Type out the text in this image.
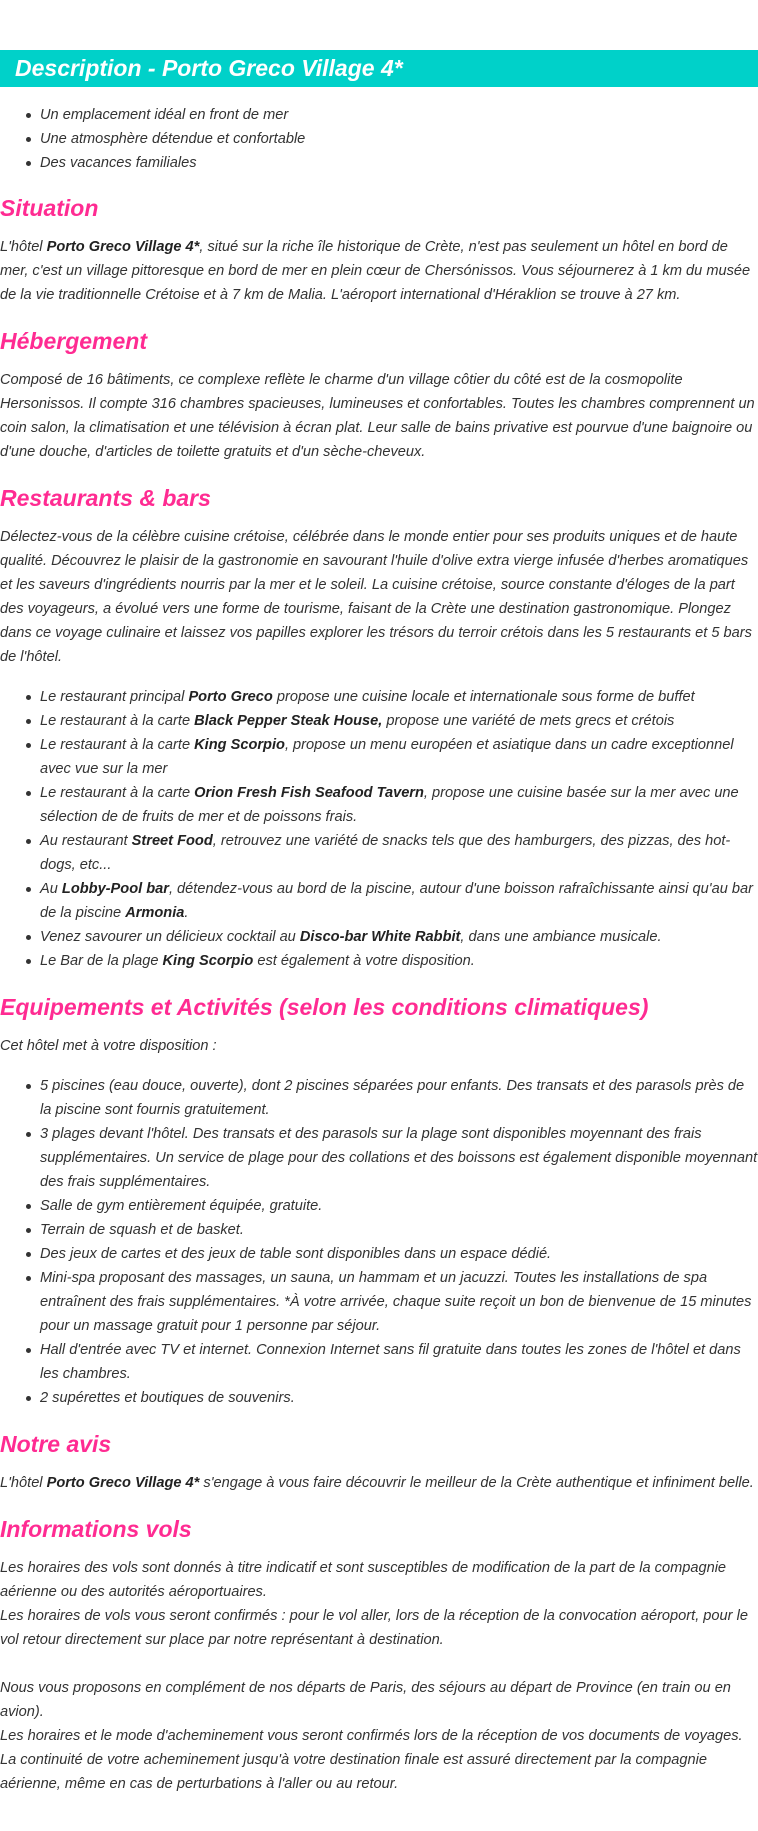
Description - Porto Greco Village 4*
Un emplacement idéal en front de mer
Une atmosphère détendue et confortable
Des vacances familiales
Situation

L'hôtel Porto Greco Village 4*, situé sur la riche île historique de Crète, n'est pas seulement un hôtel en bord de mer, c'est un village pittoresque en bord de mer en plein cœur de Chersónissos. Vous séjournerez à 1 km du musée de la vie traditionnelle Crétoise et à 7 km de Malia. L'aéroport international d'Héraklion se trouve à 27 km.

Hébergement

Composé de 16 bâtiments, ce complexe reflète le charme d'un village côtier du côté est de la cosmopolite Hersonissos. Il compte 316 chambres spacieuses, lumineuses et confortables. Toutes les chambres comprennent un coin salon, la climatisation et une télévision à écran plat. Leur salle de bains privative est pourvue d'une baignoire ou d'une douche, d'articles de toilette gratuits et d'un sèche-cheveux.

Restaurants & bars

Délectez-vous de la célèbre cuisine crétoise, célébrée dans le monde entier pour ses produits uniques et de haute qualité. Découvrez le plaisir de la gastronomie en savourant l'huile d'olive extra vierge infusée d'herbes aromatiques et les saveurs d'ingrédients nourris par la mer et le soleil. La cuisine crétoise, source constante d'éloges de la part des voyageurs, a évolué vers une forme de tourisme, faisant de la Crète une destination gastronomique. Plongez dans ce voyage culinaire et laissez vos papilles explorer les trésors du terroir crétois dans les 5 restaurants et 5 bars de l'hôtel.

Le restaurant principal Porto Greco propose une cuisine locale et internationale sous forme de buffet
Le restaurant à la carte Black Pepper Steak House, propose une variété de mets grecs et crétois
Le restaurant à la carte King Scorpio, propose un menu européen et asiatique dans un cadre exceptionnel avec vue sur la mer
Le restaurant à la carte Orion Fresh Fish Seafood Tavern, propose une cuisine basée sur la mer avec une sélection de de fruits de mer et de poissons frais.
Au restaurant Street Food, retrouvez une variété de snacks tels que des hamburgers, des pizzas, des hot-dogs, etc...
Au Lobby-Pool bar, détendez-vous au bord de la piscine, autour d'une boisson rafraîchissante ainsi qu'au bar de la piscine Armonia.
Venez savourer un délicieux cocktail au Disco-bar White Rabbit, dans une ambiance musicale.
Le Bar de la plage King Scorpio est également à votre disposition.
Equipements et Activités (selon les conditions climatiques)

Cet hôtel met à votre disposition :

5 piscines (eau douce, ouverte), dont 2 piscines séparées pour enfants. Des transats et des parasols près de la piscine sont fournis gratuitement.
3 plages devant l'hôtel. Des transats et des parasols sur la plage sont disponibles moyennant des frais supplémentaires. Un service de plage pour des collations et des boissons est également disponible moyennant des frais supplémentaires.
Salle de gym entièrement équipée, gratuite.
Terrain de squash et de basket.
Des jeux de cartes et des jeux de table sont disponibles dans un espace dédié.
Mini-spa proposant des massages, un sauna, un hammam et un jacuzzi. Toutes les installations de spa entraînent des frais supplémentaires. *À votre arrivée, chaque suite reçoit un bon de bienvenue de 15 minutes pour un massage gratuit pour 1 personne par séjour.
Hall d'entrée avec TV et internet. Connexion Internet sans fil gratuite dans toutes les zones de l'hôtel et dans les chambres.
2 supérettes et boutiques de souvenirs.
Notre avis

L'hôtel Porto Greco Village 4* s'engage à vous faire découvrir le meilleur de la Crète authentique et infiniment belle.

Informations vols

Les horaires des vols sont donnés à titre indicatif et sont susceptibles de modification de la part de la compagnie aérienne ou des autorités aéroportuaires.

Les horaires de vols vous seront confirmés : pour le vol aller, lors de la réception de la convocation aéroport, pour le vol retour directement sur place par notre représentant à destination.

Nous vous proposons en complément de nos départs de Paris, des séjours au départ de Province (en train ou en avion).

Les horaires et le mode d'acheminement vous seront confirmés lors de la réception de vos documents de voyages.

La continuité de votre acheminement jusqu'à votre destination finale est assuré directement par la compagnie aérienne, même en cas de perturbations à l'aller ou au retour.
